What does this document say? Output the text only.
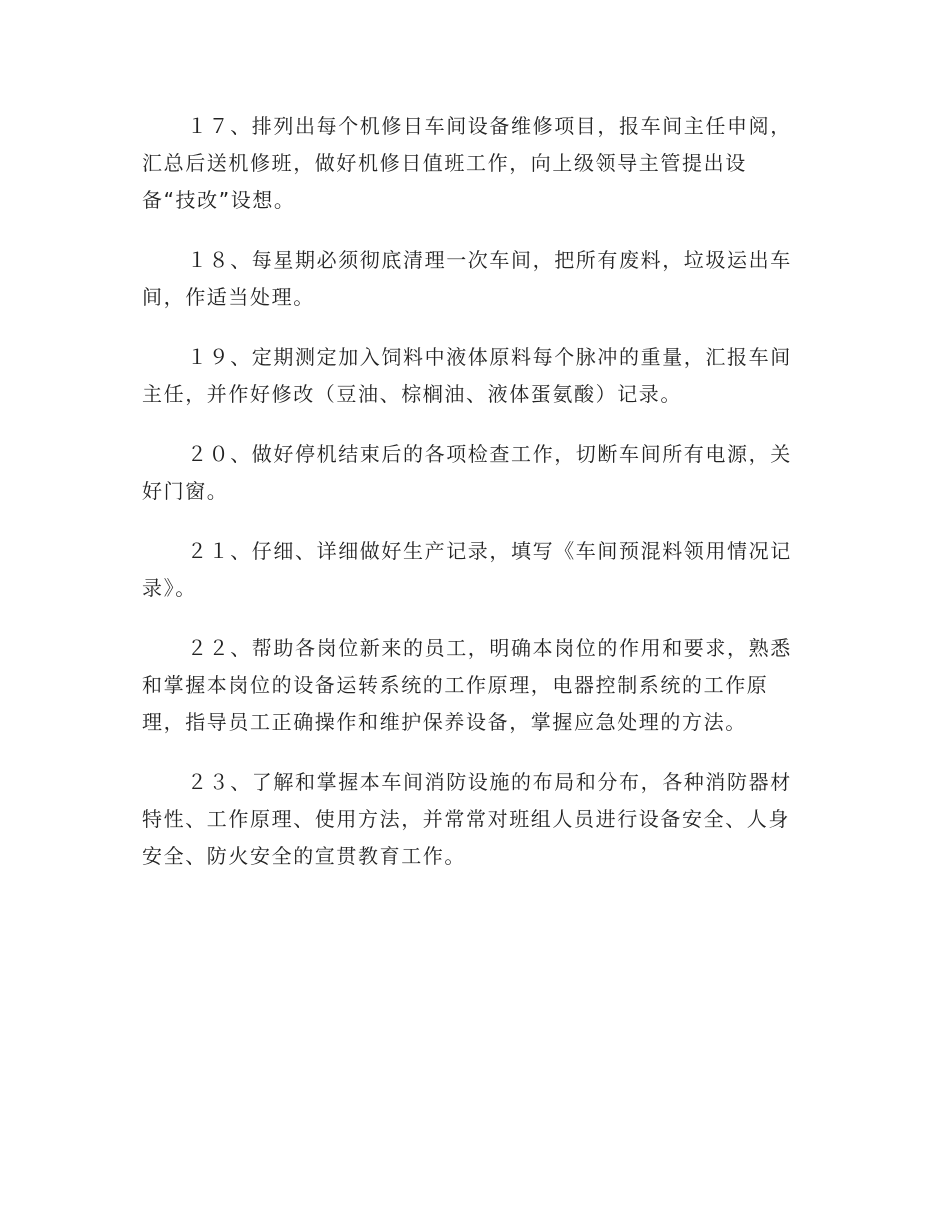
１７、排列出每个机修日车间设备维修项目，报车间主任申阅，汇总后送机修班，做好机修日值班工作，向上级领导主管提出设备“技改”设想。

１８、每星期必须彻底清理一次车间，把所有废料，垃圾运出车间，作适当处理。

１９、定期测定加入饲料中液体原料每个脉冲的重量，汇报车间主任，并作好修改（豆油、棕榈油、液体蛋氨酸）记录。

２０、做好停机结束后的各项检查工作，切断车间所有电源，关好门窗。

２１、仔细、详细做好生产记录，填写《车间预混料领用情况记录》。

２２、帮助各岗位新来的员工，明确本岗位的作用和要求，熟悉和掌握本岗位的设备运转系统的工作原理，电器控制系统的工作原理，指导员工正确操作和维护保养设备，掌握应急处理的方法。

２３、了解和掌握本车间消防设施的布局和分布，各种消防器材特性、工作原理、使用方法，并常常对班组人员进行设备安全、人身安全、防火安全的宣贯教育工作。
